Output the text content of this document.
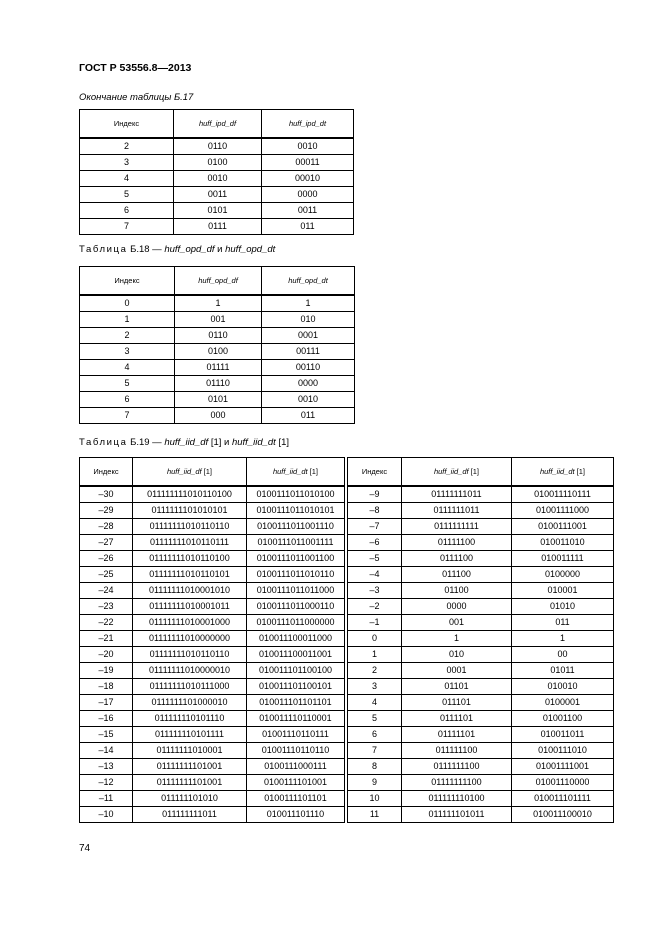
ГОСТ Р 53556.8—2013
Окончание таблицы Б.17
Индекс	huff_ipd_df	huff_ipd_dt
2	0110	0010
3	0100	00011
4	0010	00010
5	0011	0000
6	0101	0011
7	0111	011
Таблица Б.18 — huff_opd_df и huff_opd_dt
Индекс	huff_opd_df	huff_opd_dt
0	1	1
1	001	010
2	0110	0001
3	0100	00111
4	01111	00110
5	01110	0000
6	0101	0010
7	000	011
Таблица Б.19 — huff_iid_df [1] и huff_iid_dt [1]
Индекс	huff_iid_df [1]	huff_iid_dt [1]
–30	011111111010110100	0100111011010100
–29	0111111101010101	0100111011010101
–28	01111111010110110	0100111011001110
–27	01111111010110111	0100111011001111
–26	01111111010110100	0100111011001100
–25	01111111010110101	0100111011010110
–24	01111111010001010	0100111011011000
–23	01111111010001011	0100111011000110
–22	01111111010001000	0100111011000000
–21	01111111010000000	010011100011000
–20	01111111010110110	010011100011001
–19	01111111010000010	010011101100100
–18	01111111010111000	010011101100101
–17	0111111101000010	010011101101101
–16	011111110101110	010011110110001
–15	011111110101111	01001110110111
–14	01111111010001	01001110110110
–13	01111111101001	0100111000111
–12	01111111101001	0100111101001
–11	011111101010	0100111101101
–10	011111111011	010011101110
Индекс	huff_iid_df [1]	huff_iid_dt [1]
–9	01111111011	010011110111
–8	0111111011	01001111000
–7	0111111111	0100111001
–6	01111100	010011010
–5	0111100	010011111
–4	011100	0100000
–3	01100	010001
–2	0000	01010
–1	001	011
0	1	1
1	010	00
2	0001	01011
3	01101	010010
4	011101	0100001
5	0111101	01001100
6	01111101	010011011
7	011111100	0100111010
8	0111111100	01001111001
9	01111111100	01001110000
10	011111110100	010011101111
11	011111101011	010011100010
74
